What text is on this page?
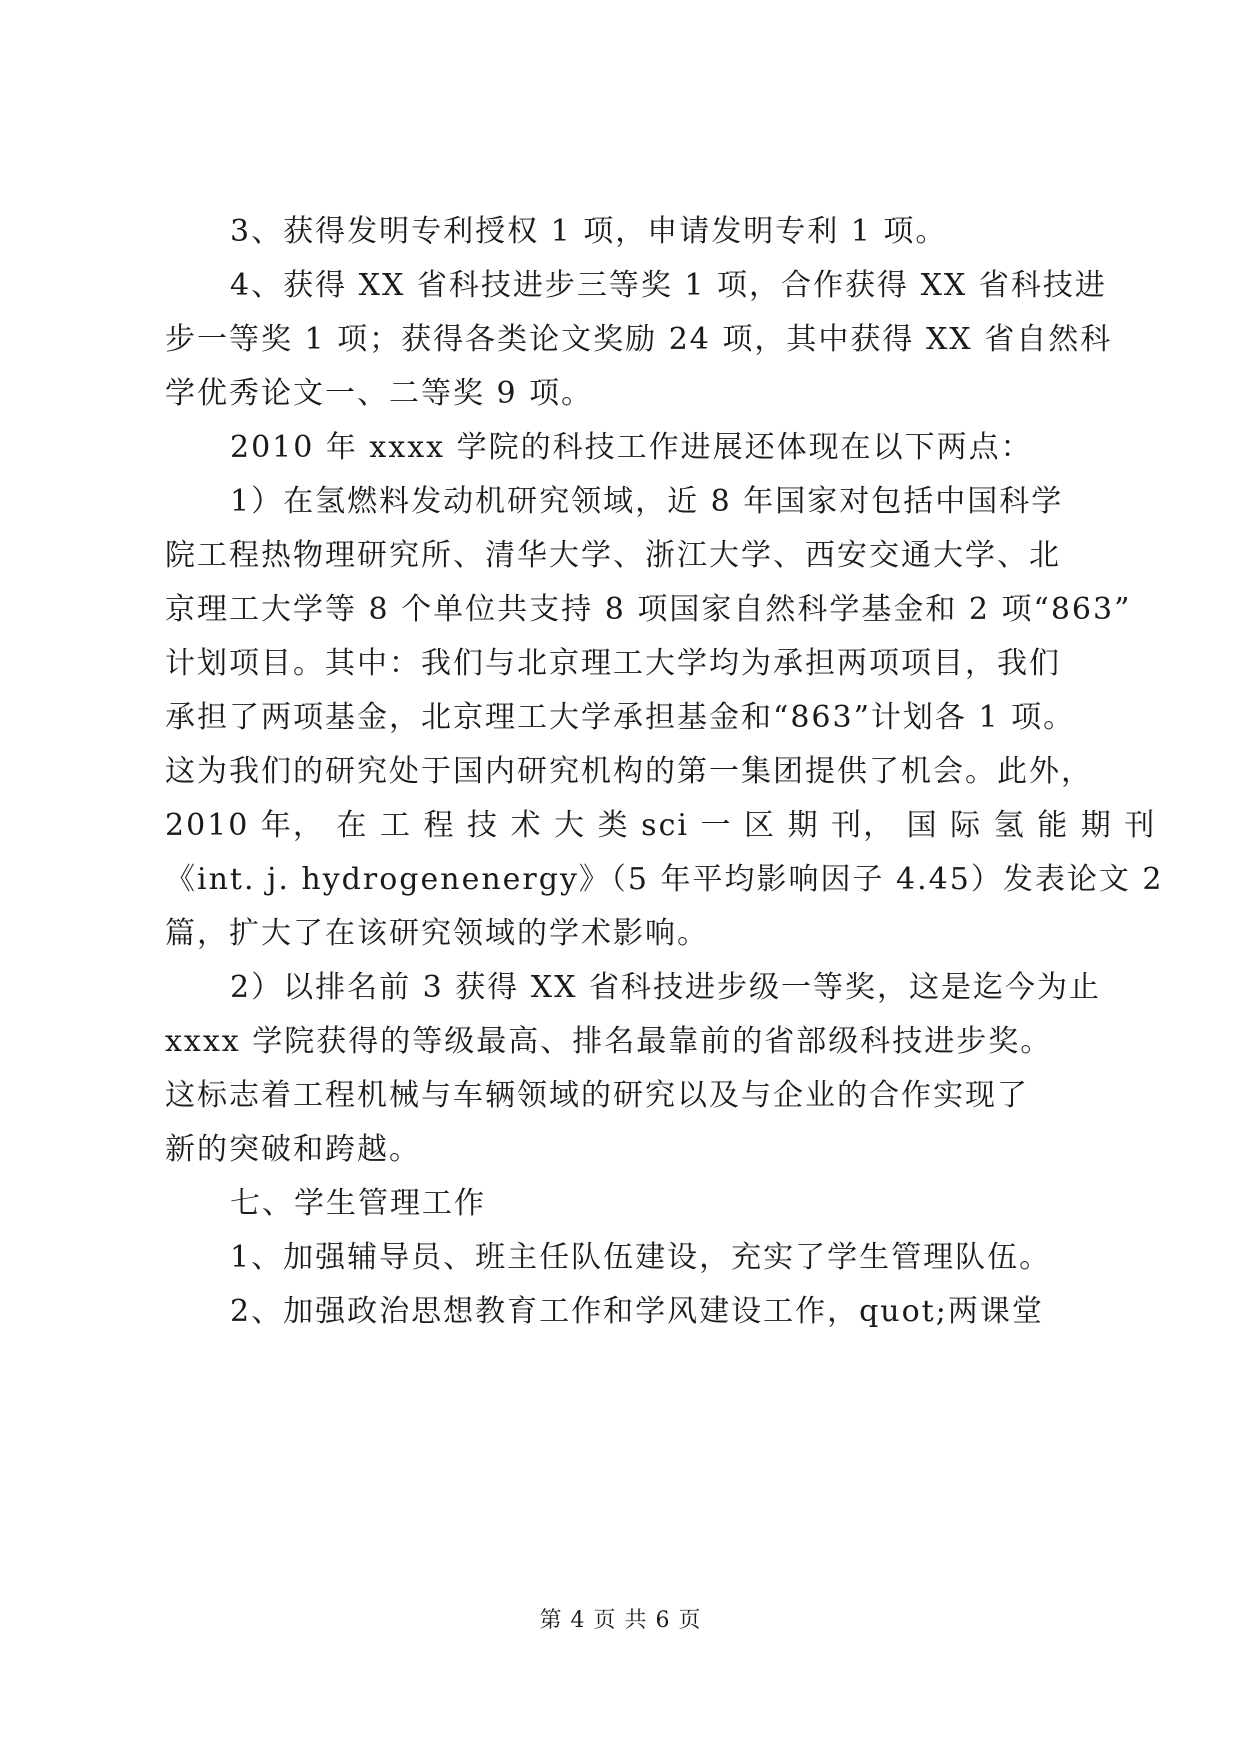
3、获得发明专利授权 1 项，申请发明专利 1 项。
4、获得 XX 省科技进步三等奖 1 项，合作获得 XX 省科技进
步一等奖 1 项；获得各类论文奖励 24 项，其中获得 XX 省自然科
学优秀论文一、二等奖 9 项。
2010 年 xxxx 学院的科技工作进展还体现在以下两点：
1）在氢燃料发动机研究领域，近 8 年国家对包括中国科学
院工程热物理研究所、清华大学、浙江大学、西安交通大学、北
京理工大学等 8 个单位共支持 8 项国家自然科学基金和 2 项“863”
计划项目。其中：我们与北京理工大学均为承担两项项目，我们
承担了两项基金，北京理工大学承担基金和“863”计划各 1 项。
这为我们的研究处于国内研究机构的第一集团提供了机会。此外，
2010 年， 在 工 程 技 术 大 类 sci 一 区 期 刊， 国 际 氢 能 期 刊
《int. j. hydrogenenergy》（5 年平均影响因子 4.45）发表论文 2
篇，扩大了在该研究领域的学术影响。
2）以排名前 3 获得 XX 省科技进步级一等奖，这是迄今为止
xxxx 学院获得的等级最高、排名最靠前的省部级科技进步奖。
这标志着工程机械与车辆领域的研究以及与企业的合作实现了
新的突破和跨越。
七、学生管理工作
1、加强辅导员、班主任队伍建设，充实了学生管理队伍。
2、加强政治思想教育工作和学风建设工作，quot;两课堂
第 4 页 共 6 页
